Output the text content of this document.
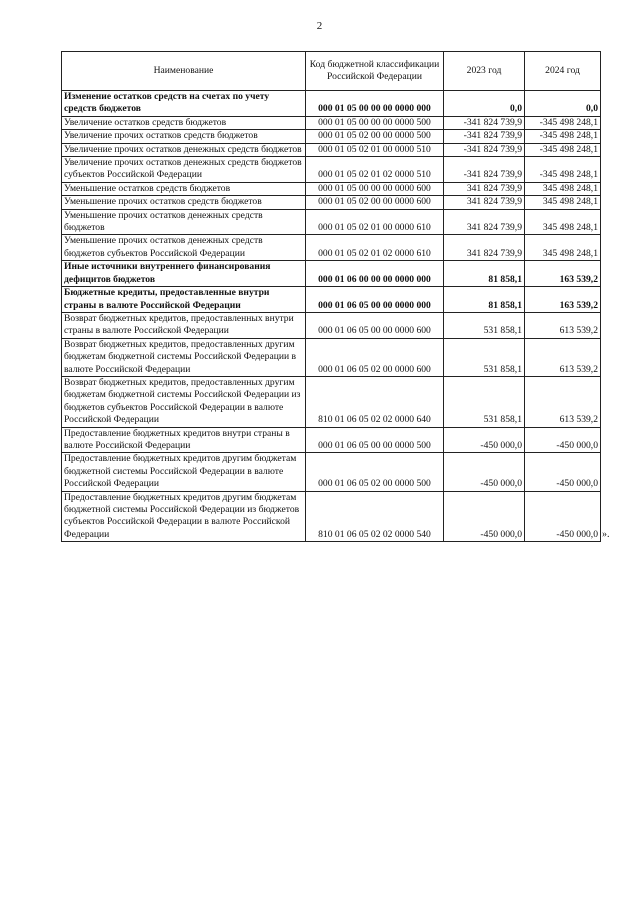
2
Наименование	Код бюджетной классификации Российской Федерации	2023 год	2024 год
Изменение остатков средств на счетах по учету средств бюджетов	000 01 05 00 00 00 0000 000	0,0	0,0
Увеличение остатков средств бюджетов	000 01 05 00 00 00 0000 500	-341 824 739,9	-345 498 248,1
Увеличение прочих остатков средств бюджетов	000 01 05 02 00 00 0000 500	-341 824 739,9	-345 498 248,1
Увеличение прочих остатков денежных средств бюджетов	000 01 05 02 01 00 0000 510	-341 824 739,9	-345 498 248,1
Увеличение прочих остатков денежных средств бюджетов субъектов Российской Федерации	000 01 05 02 01 02 0000 510	-341 824 739,9	-345 498 248,1
Уменьшение остатков средств бюджетов	000 01 05 00 00 00 0000 600	341 824 739,9	345 498 248,1
Уменьшение прочих остатков средств бюджетов	000 01 05 02 00 00 0000 600	341 824 739,9	345 498 248,1
Уменьшение прочих остатков денежных средств бюджетов	000 01 05 02 01 00 0000 610	341 824 739,9	345 498 248,1
Уменьшение прочих остатков денежных средств бюджетов субъектов Российской Федерации	000 01 05 02 01 02 0000 610	341 824 739,9	345 498 248,1
Иные источники внутреннего финансирования дефицитов бюджетов	000 01 06 00 00 00 0000 000	81 858,1	163 539,2
Бюджетные кредиты, предоставленные внутри страны в валюте Российской Федерации	000 01 06 05 00 00 0000 000	81 858,1	163 539,2
Возврат бюджетных кредитов, предоставленных внутри страны в валюте Российской Федерации	000 01 06 05 00 00 0000 600	531 858,1	613 539,2
Возврат бюджетных кредитов, предоставленных другим бюджетам бюджетной системы Российской Федерации в валюте Российской Федерации	000 01 06 05 02 00 0000 600	531 858,1	613 539,2
Возврат бюджетных кредитов, предоставленных другим бюджетам бюджетной системы Российской Федерации из бюджетов субъектов Российской Федерации в валюте Российской Федерации	810 01 06 05 02 02 0000 640	531 858,1	613 539,2
Предоставление бюджетных кредитов внутри страны в валюте Российской Федерации	000 01 06 05 00 00 0000 500	-450 000,0	-450 000,0
Предоставление бюджетных кредитов другим бюджетам бюджетной системы Российской Федерации в валюте Российской Федерации	000 01 06 05 02 00 0000 500	-450 000,0	-450 000,0
Предоставление бюджетных кредитов другим бюджетам бюджетной системы Российской Федерации из бюджетов субъектов Российской Федерации в валюте Российской Федерации	810 01 06 05 02 02 0000 540	-450 000,0	-450 000,0 ».
